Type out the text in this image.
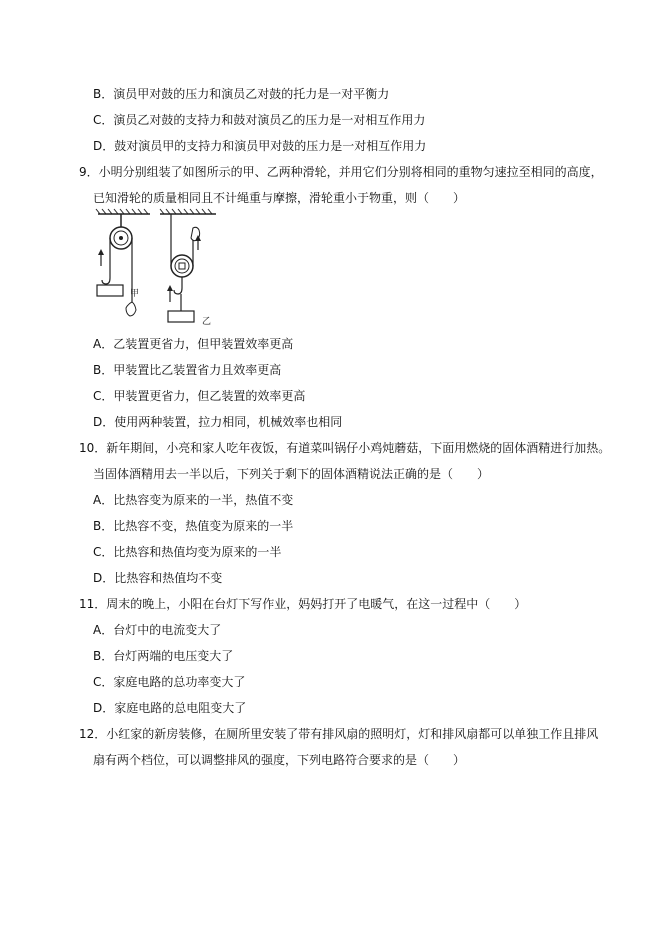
B．演员甲对鼓的压力和演员乙对鼓的托力是一对平衡力
C．演员乙对鼓的支持力和鼓对演员乙的压力是一对相互作用力
D．鼓对演员甲的支持力和演员甲对鼓的压力是一对相互作用力
9．小明分别组装了如图所示的甲、乙两种滑轮，并用它们分别将相同的重物匀速拉至相同的高度，
已知滑轮的质量相同且不计绳重与摩擦，滑轮重小于物重，则（　　）
甲
乙
A．乙装置更省力，但甲装置效率更高
B．甲装置比乙装置省力且效率更高
C．甲装置更省力，但乙装置的效率更高
D．使用两种装置，拉力相同，机械效率也相同
10．新年期间，小亮和家人吃年夜饭，有道菜叫锅仔小鸡炖蘑菇，下面用燃烧的固体酒精进行加热。
当固体酒精用去一半以后，下列关于剩下的固体酒精说法正确的是（　　）
A．比热容变为原来的一半，热值不变
B．比热容不变，热值变为原来的一半
C．比热容和热值均变为原来的一半
D．比热容和热值均不变
11．周末的晚上，小阳在台灯下写作业，妈妈打开了电暖气，在这一过程中（　　）
A．台灯中的电流变大了
B．台灯两端的电压变大了
C．家庭电路的总功率变大了
D．家庭电路的总电阻变大了
12．小红家的新房装修，在厕所里安装了带有排风扇的照明灯，灯和排风扇都可以单独工作且排风
扇有两个档位，可以调整排风的强度，下列电路符合要求的是（　　）
